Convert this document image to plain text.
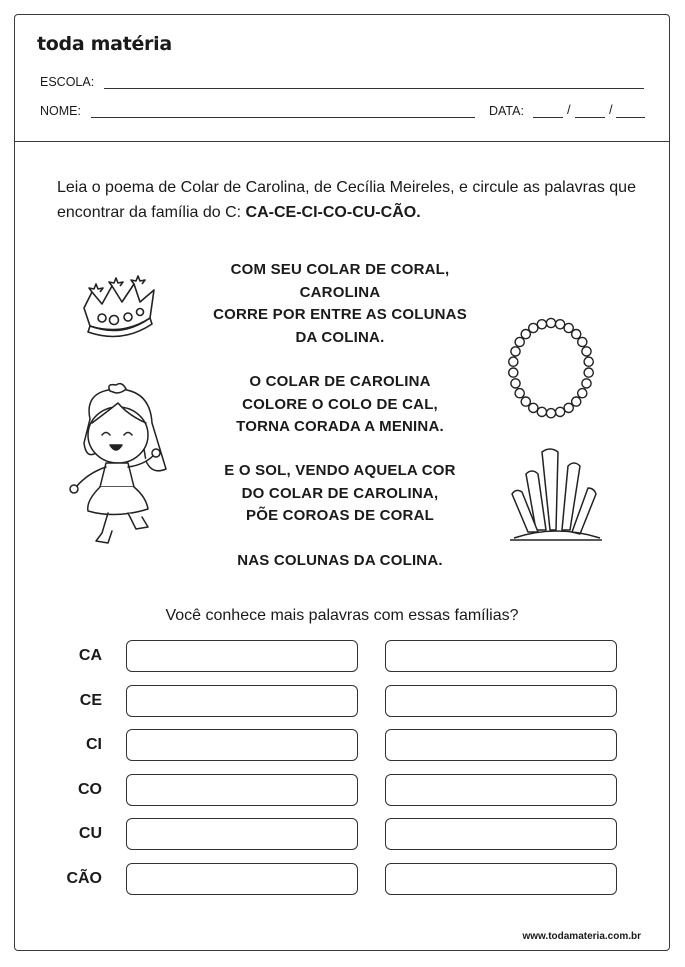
toda matéria
ESCOLA:
NOME:	DATA:	/	/
Leia o poema de Colar de Carolina, de Cecília Meireles, e circule as palavras que encontrar da família do C: CA-CE-CI-CO-CU-CÃO.
COM SEU COLAR DE CORAL,
CAROLINA
CORRE POR ENTRE AS COLUNAS
DA COLINA.
O COLAR DE CAROLINA
COLORE O COLO DE CAL,
TORNA CORADA A MENINA.
E O SOL, VENDO AQUELA COR
DO COLAR DE CAROLINA,
PÕE COROAS DE CORAL
NAS COLUNAS DA COLINA.
Você conhece mais palavras com essas famílias?
CA
CE
CI
CO
CU
CÃO
www.todamateria.com.br
